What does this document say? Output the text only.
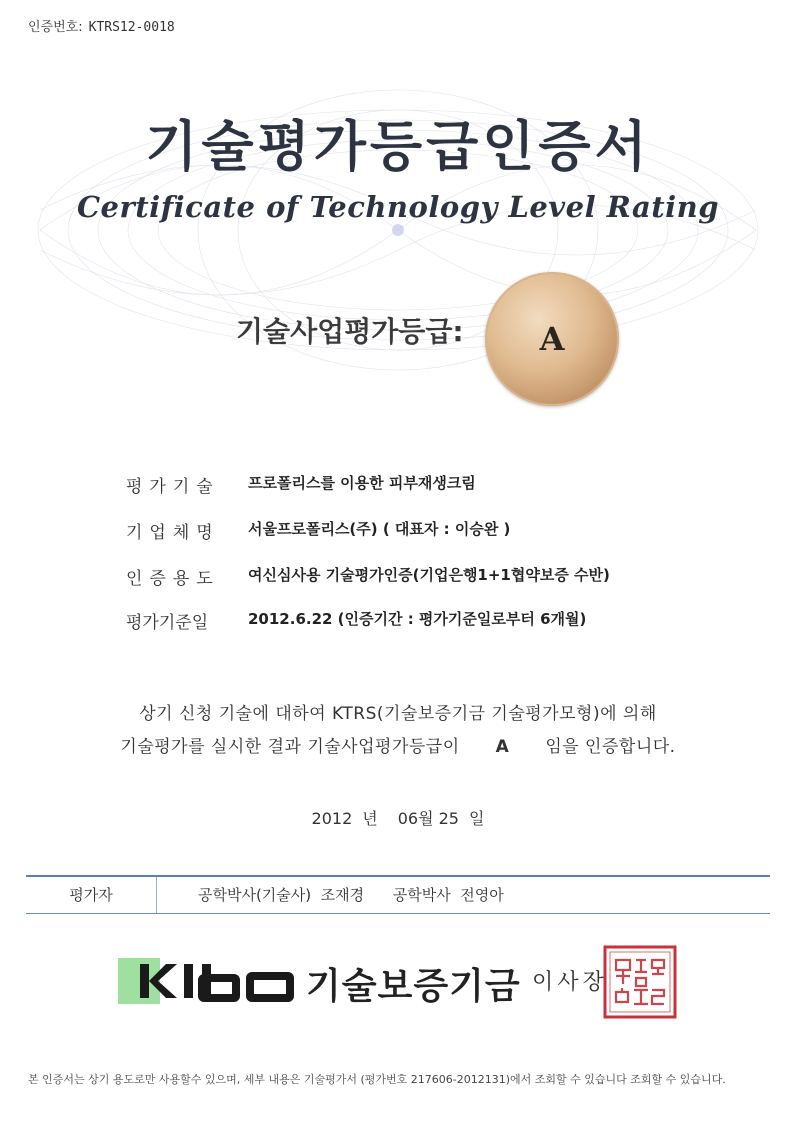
인증번호: KTRS12-0018
기술평가등급인증서
Certificate of Technology Level Rating
기술사업평가등급: A
평가기술	프로폴리스를 이용한 피부재생크림
기업체명	서울프로폴리스(주) ( 대표자 : 이승완 )
인증용도	여신심사용 기술평가인증(기업은행1+1협약보증 수반)
평가기준일	2012.6.22 (인증기간 : 평가기준일로부터 6개월)
상기 신청 기술에 대하여 KTRS(기술보증기금 기술평가모형)에 의해
기술평가를 실시한 결과 기술사업평가등급이 A 임을 인증합니다.
2012 년 06월 25 일
평가자	공학박사(기술사)  조재경      공학박사  전영아
기술보증기금 이사장
본 인증서는 상기 용도로만 사용할수 있으며, 세부 내용은 기술평가서 (평가번호 217606-2012131)에서 조회할 수 있습니다 조회할 수 있습니다.
